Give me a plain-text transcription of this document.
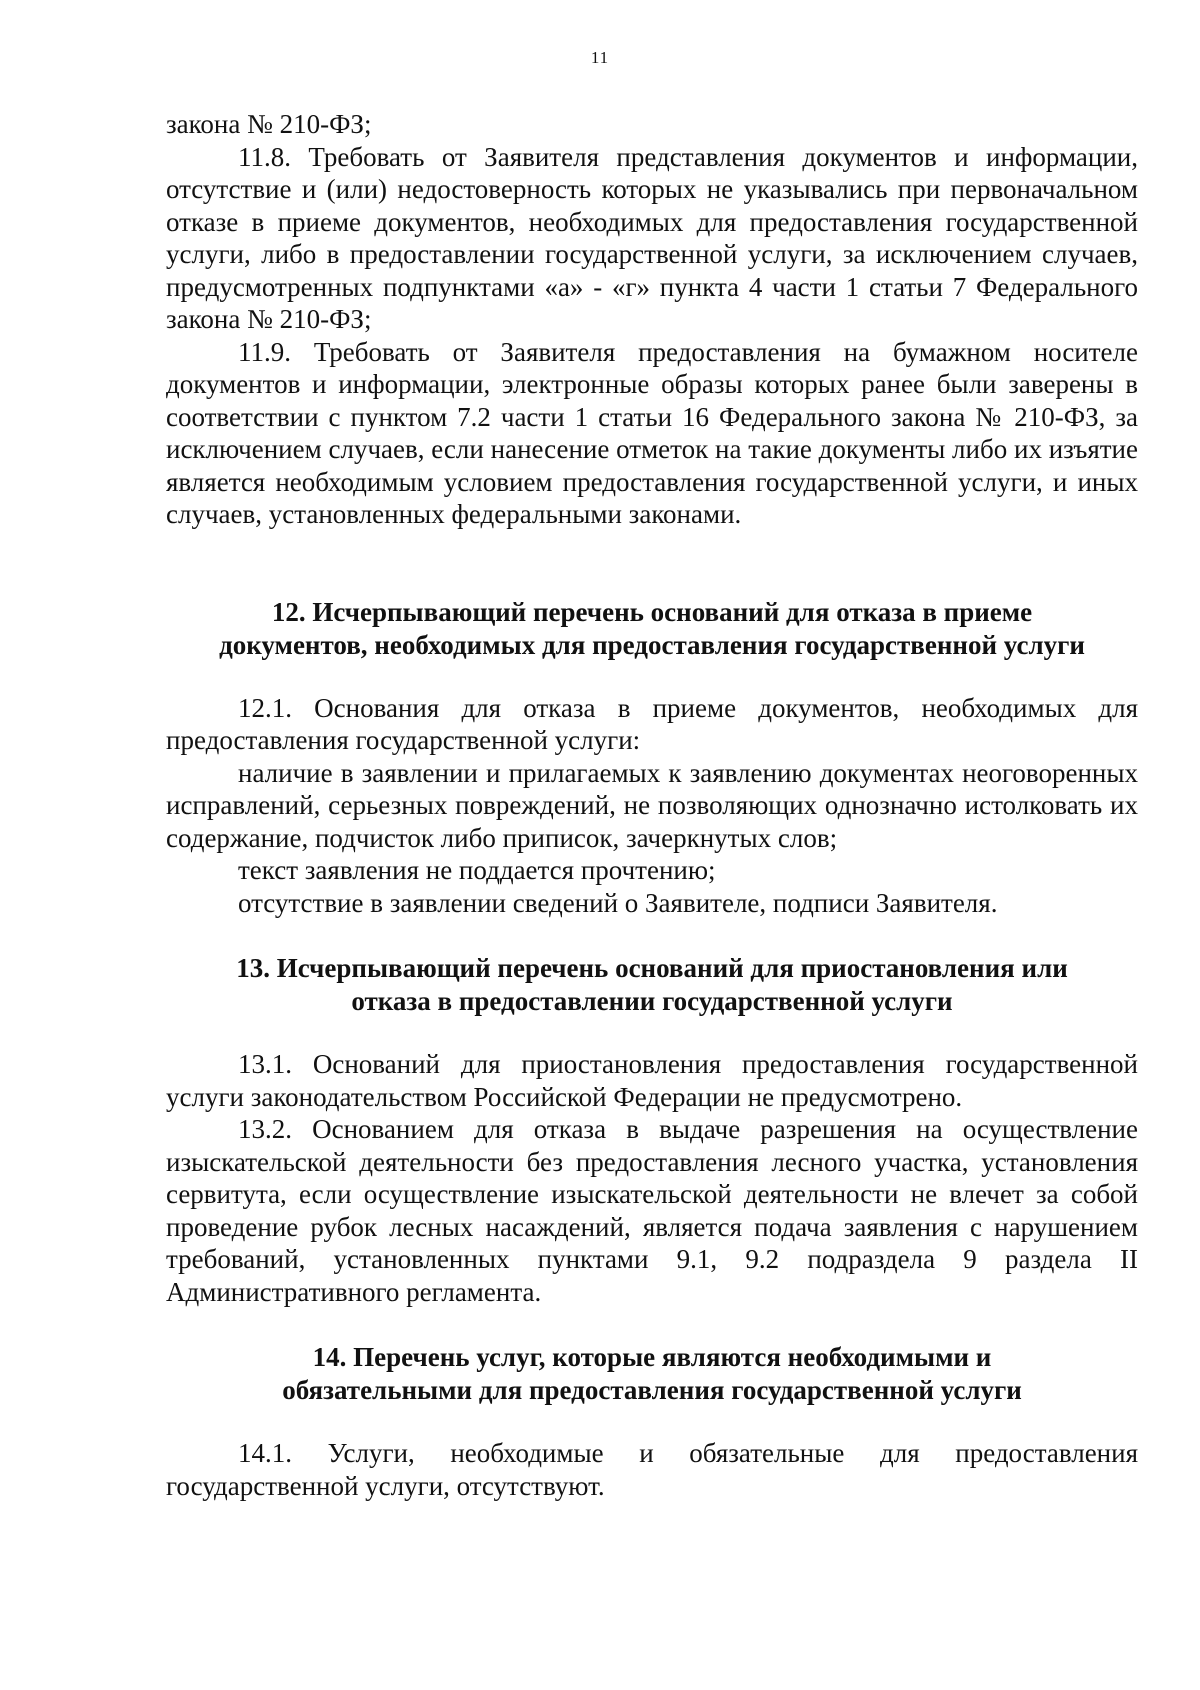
11

закона № 210-ФЗ;

11.8. Требовать от Заявителя представления документов и информации, отсутствие и (или) недостоверность которых не указывались при первоначальном отказе в приеме документов, необходимых для предоставления государственной услуги, либо в предоставлении государственной услуги, за исключением случаев, предусмотренных подпунктами «а» - «г» пункта 4 части 1 статьи 7 Федерального закона № 210-ФЗ;

11.9. Требовать от Заявителя предоставления на бумажном носителе документов и информации, электронные образы которых ранее были заверены в соответствии с пунктом 7.2 части 1 статьи 16 Федерального закона № 210-ФЗ, за исключением случаев, если нанесение отметок на такие документы либо их изъятие является необходимым условием предоставления государственной услуги, и иных случаев, установленных федеральными законами.

12. Исчерпывающий перечень оснований для отказа в приеме
документов, необходимых для предоставления государственной услуги

12.1. Основания для отказа в приеме документов, необходимых для предоставления государственной услуги:

наличие в заявлении и прилагаемых к заявлению документах неоговоренных исправлений, серьезных повреждений, не позволяющих однозначно истолковать их содержание, подчисток либо приписок, зачеркнутых слов;

текст заявления не поддается прочтению;

отсутствие в заявлении сведений о Заявителе, подписи Заявителя.

13. Исчерпывающий перечень оснований для приостановления или
отказа в предоставлении государственной услуги

13.1. Оснований для приостановления предоставления государственной услуги законодательством Российской Федерации не предусмотрено.

13.2. Основанием для отказа в выдаче разрешения на осуществление изыскательской деятельности без предоставления лесного участка, установления сервитута, если осуществление изыскательской деятельности не влечет за собой проведение рубок лесных насаждений, является подача заявления с нарушением требований, установленных пунктами 9.1, 9.2 подраздела 9 раздела II Административного регламента.

14. Перечень услуг, которые являются необходимыми и
обязательными для предоставления государственной услуги

14.1. Услуги, необходимые и обязательные для предоставления государственной услуги, отсутствуют.
